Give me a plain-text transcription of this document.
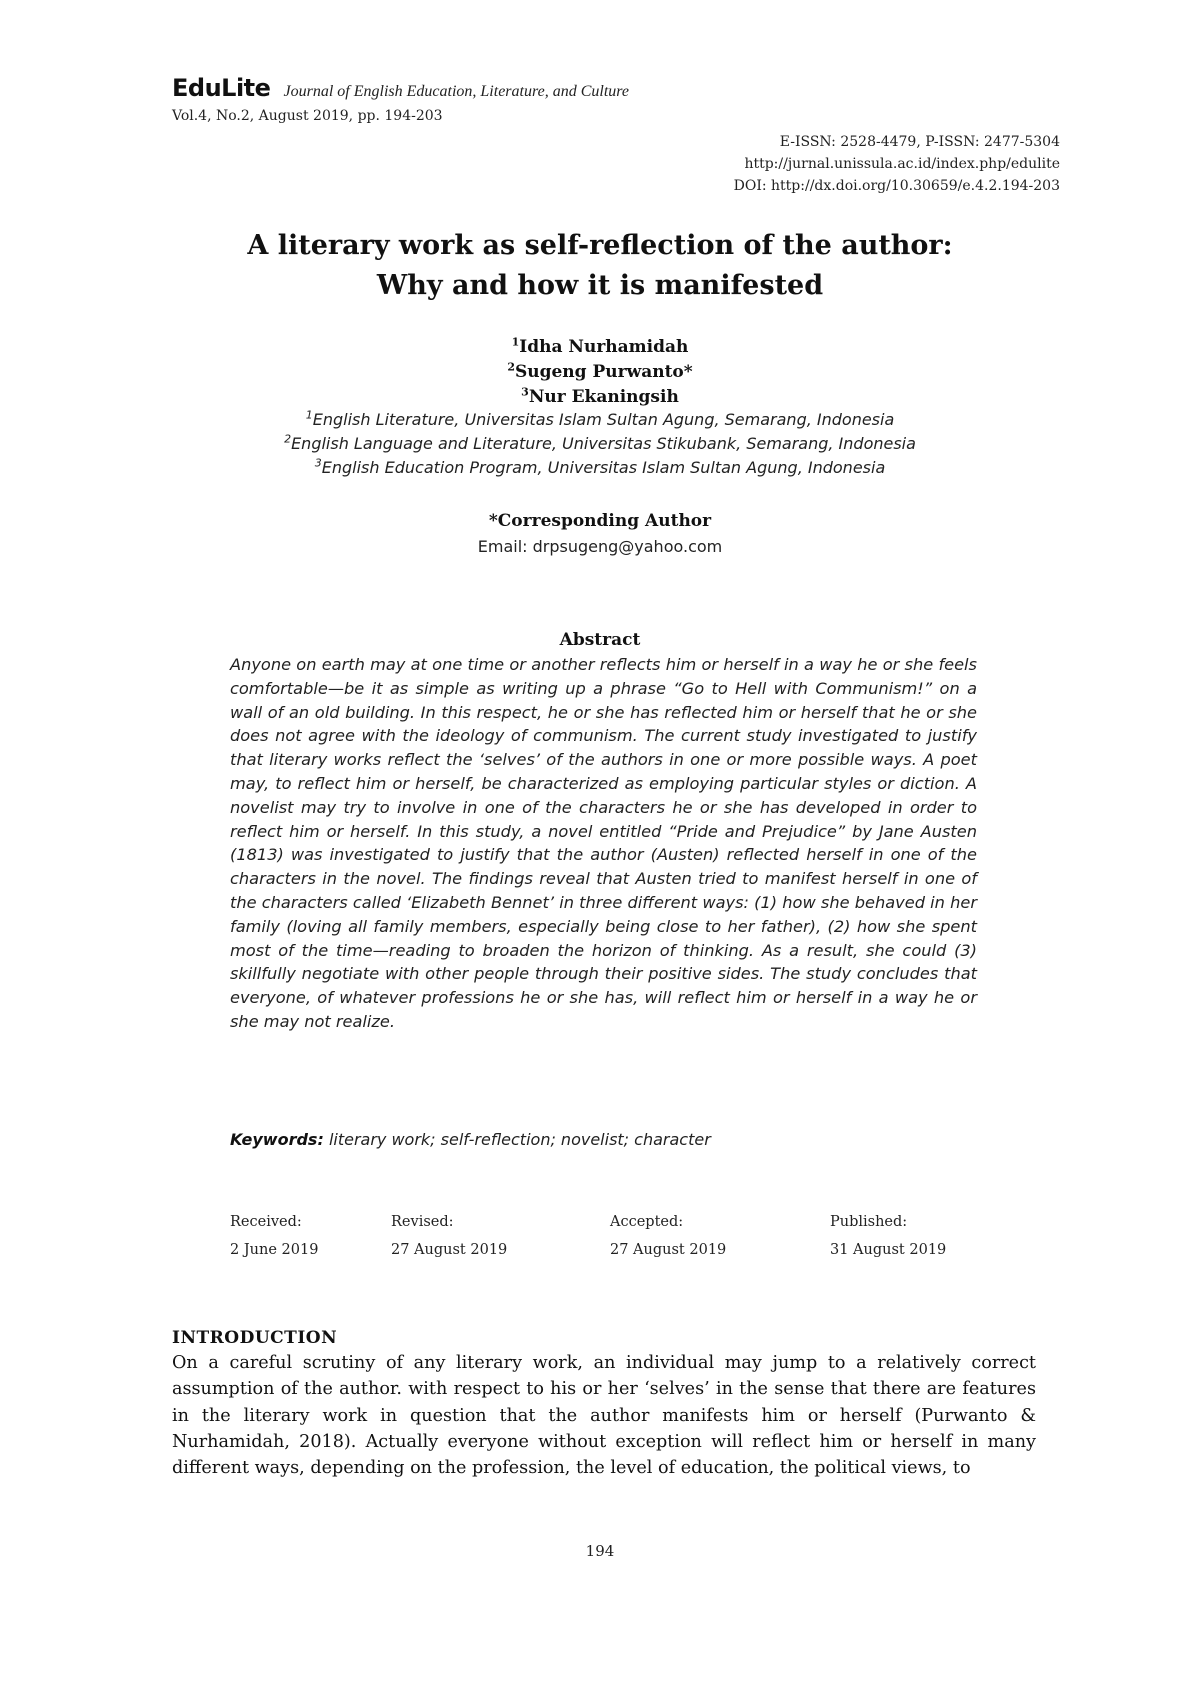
EduLite Journal of English Education, Literature, and Culture
Vol.4, No.2, August 2019, pp. 194-203
E-ISSN: 2528-4479, P-ISSN: 2477-5304
http://jurnal.unissula.ac.id/index.php/edulite
DOI: http://dx.doi.org/10.30659/e.4.2.194-203
A literary work as self-reflection of the author:
Why and how it is manifested
$^1$Idha Nurhamidah
$^2$Sugeng Purwanto*
$^3$Nur Ekaningsih
$^1$English Literature, Universitas Islam Sultan Agung, Semarang, Indonesia
$^2$English Language and Literature, Universitas Stikubank, Semarang, Indonesia
$^3$English Education Program, Universitas Islam Sultan Agung, Indonesia
*Corresponding Author
Email: drpsugeng@yahoo.com
Abstract
Anyone on earth may at one time or another reflects him or herself in a way he or she feels comfortable—be it as simple as writing up a phrase “Go to Hell with Communism!” on a wall of an old building. In this respect, he or she has reflected him or herself that he or she does not agree with the ideology of communism. The current study investigated to justify that literary works reflect the ‘selves’ of the authors in one or more possible ways. A poet may, to reflect him or herself, be characterized as employing particular styles or diction. A novelist may try to involve in one of the characters he or she has developed in order to reflect him or herself. In this study, a novel entitled “Pride and Prejudice” by Jane Austen (1813) was investigated to justify that the author (Austen) reflected herself in one of the characters in the novel. The findings reveal that Austen tried to manifest herself in one of the characters called ‘Elizabeth Bennet’ in three different ways: (1) how she behaved in her family (loving all family members, especially being close to her father), (2) how she spent most of the time—reading to broaden the horizon of thinking. As a result, she could (3) skillfully negotiate with other people through their positive sides. The study concludes that everyone, of whatever professions he or she has, will reflect him or herself in a way he or she may not realize.
Keywords: literary work; self-reflection; novelist; character
Received:
2 June 2019
Revised:
27 August 2019
Accepted:
27 August 2019
Published:
31 August 2019
INTRODUCTION
On a careful scrutiny of any literary work, an individual may jump to a relatively correct assumption of the author. with respect to his or her ‘selves’ in the sense that there are features in the literary work in question that the author manifests him or herself (Purwanto & Nurhamidah, 2018). Actually everyone without exception will reflect him or herself in many different ways, depending on the profession, the level of education, the political views, to
194
